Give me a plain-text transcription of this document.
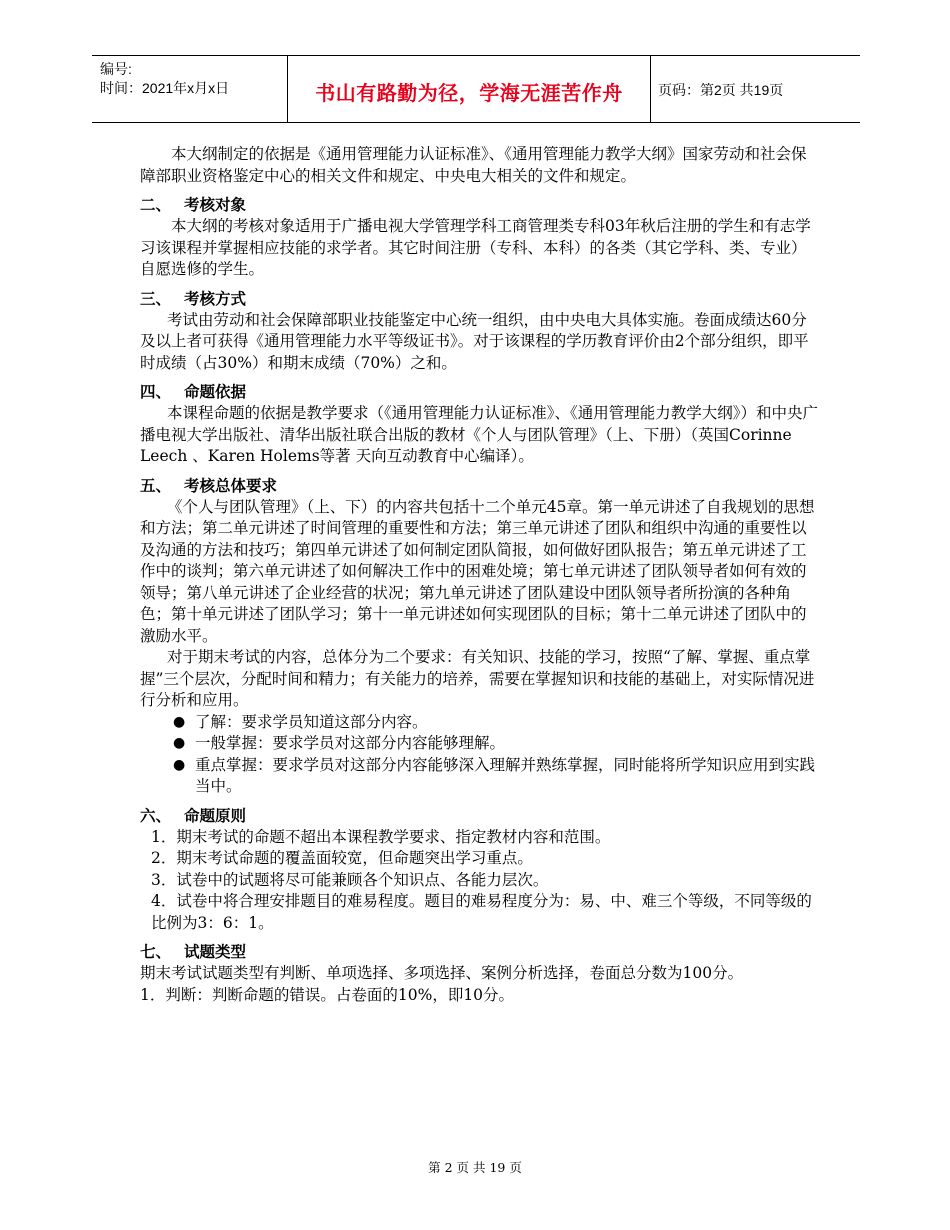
编号:
时间：2021年x月x日	书山有路勤为径，学海无涯苦作舟	页码：第2页 共19页

本大纲制定的依据是《通用管理能力认证标准》、《通用管理能力教学大纲》国家劳动和社会保障部职业资格鉴定中心的相关文件和规定、中央电大相关的文件和规定。

二、 考核对象

本大纲的考核对象适用于广播电视大学管理学科工商管理类专科03年秋后注册的学生和有志学习该课程并掌握相应技能的求学者。其它时间注册（专科、本科）的各类（其它学科、类、专业）自愿选修的学生。

三、 考核方式

考试由劳动和社会保障部职业技能鉴定中心统一组织，由中央电大具体实施。卷面成绩达60分及以上者可获得《通用管理能力水平等级证书》。对于该课程的学历教育评价由2个部分组织，即平时成绩（占30%）和期末成绩（70%）之和。

四、 命题依据

本课程命题的依据是教学要求（《通用管理能力认证标准》、《通用管理能力教学大纲》）和中央广播电视大学出版社、清华出版社联合出版的教材《个人与团队管理》（上、下册）（英国Corinne Leech 、Karen Holems等著 天向互动教育中心编译）。

五、 考核总体要求

《个人与团队管理》（上、下）的内容共包括十二个单元45章。第一单元讲述了自我规划的思想和方法；第二单元讲述了时间管理的重要性和方法；第三单元讲述了团队和组织中沟通的重要性以及沟通的方法和技巧；第四单元讲述了如何制定团队简报，如何做好团队报告；第五单元讲述了工作中的谈判；第六单元讲述了如何解决工作中的困难处境；第七单元讲述了团队领导者如何有效的领导；第八单元讲述了企业经营的状况；第九单元讲述了团队建设中团队领导者所扮演的各种角色；第十单元讲述了团队学习；第十一单元讲述如何实现团队的目标；第十二单元讲述了团队中的激励水平。

对于期末考试的内容，总体分为二个要求：有关知识、技能的学习，按照“了解、掌握、重点掌握”三个层次，分配时间和精力；有关能力的培养，需要在掌握知识和技能的基础上，对实际情况进行分析和应用。

● 了解：要求学员知道这部分内容。

● 一般掌握：要求学员对这部分内容能够理解。

● 重点掌握：要求学员对这部分内容能够深入理解并熟练掌握，同时能将所学知识应用到实践当中。

六、 命题原则

1．期末考试的命题不超出本课程教学要求、指定教材内容和范围。

2．期末考试命题的覆盖面较宽，但命题突出学习重点。

3．试卷中的试题将尽可能兼顾各个知识点、各能力层次。

4．试卷中将合理安排题目的难易程度。题目的难易程度分为：易、中、难三个等级，不同等级的比例为3：6：1。

七、 试题类型

期末考试试题类型有判断、单项选择、多项选择、案例分析选择，卷面总分数为100分。

1．判断：判断命题的错误。占卷面的10%，即10分。

第 2 页 共 19 页
